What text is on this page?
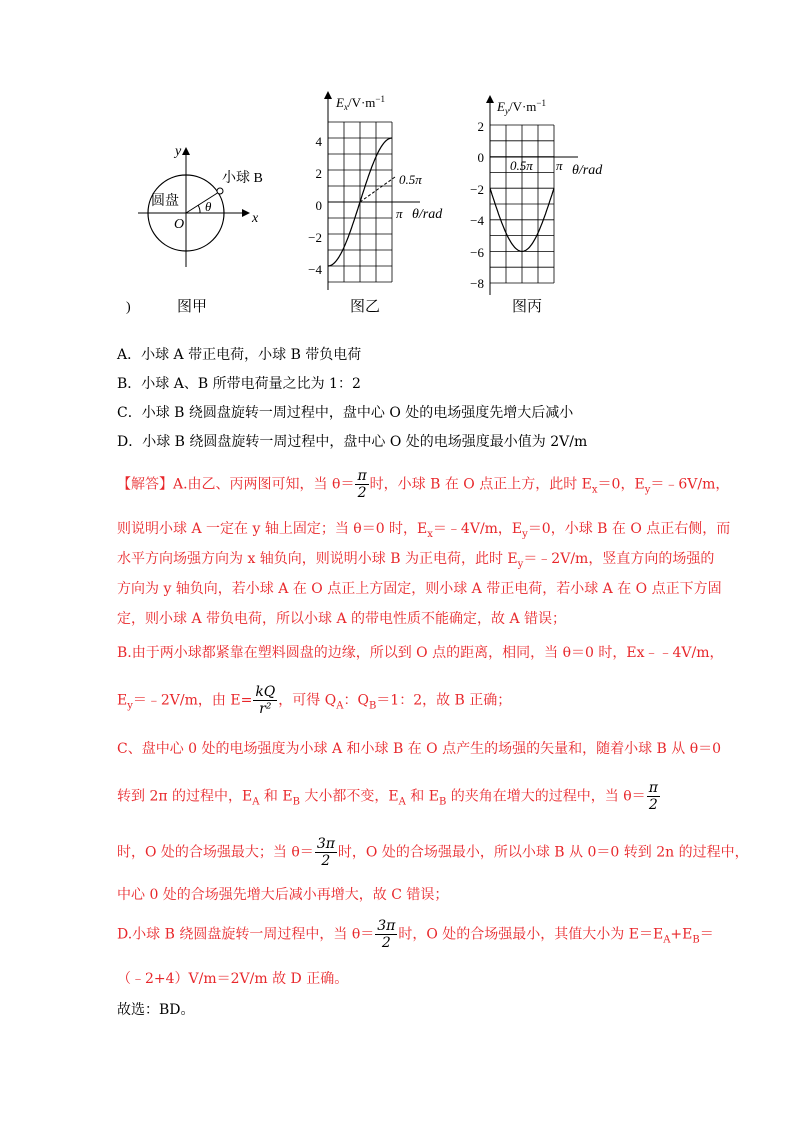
y
x
O
圆盘
小球 B
θ
)	图甲
$E_x/V\cdot m^{-1}$
4
2
0
−2
−4
0.5π
π θ/rad
图乙
$E_y/V\cdot m^{-1}$
2
0
−2
−4
−6
−8
0.5π π θ/rad
图丙
A．小球 A 带正电荷，小球 B 带负电荷
B．小球 A、B 所带电荷量之比为 1：2
C．小球 B 绕圆盘旋转一周过程中，盘中心 O 处的电场强度先增大后减小
D．小球 B 绕圆盘旋转一周过程中，盘中心 O 处的电场强度最小值为 2V/m
【解答】A.由乙、丙两图可知，当 $\theta= \frac{\pi}{2}$ 时，小球 B 在 O 点正上方，此时 $E_x=0$，$E_y=﹣6V/m$，
则说明小球 A 一定在 y 轴上固定；当 θ＝0 时，$E_x=﹣4V/m$，$E_y=0$，小球 B 在 O 点正右侧，而
水平方向场强方向为 x 轴负向，则说明小球 B 为正电荷，此时 $E_y=﹣2V/m$，竖直方向的场强的
方向为 y 轴负向，若小球 A 在 O 点正上方固定，则小球 A 带正电荷，若小球 A 在 O 点正下方固
定，则小球 A 带负电荷，所以小球 A 的带电性质不能确定，故 A 错误；
B.由于两小球都紧靠在塑料圆盘的边缘，所以到 O 点的距离，相同，当 θ＝0 时，Ex﹣﹣4V/m，
$E_y=﹣2V/m$，由 $E= \frac{kQ}{\text{r²}}$ ，可得 $Q_A$：$Q_B=1$：2，故 B 正确；
C、盘中心 0 处的电场强度为小球 A 和小球 B 在 O 点产生的场强的矢量和，随着小球 B 从 θ＝0
转到 2π 的过程中，$E_A$ 和 $E_B$ 大小都不变，$E_A$ 和 $E_B$ 的夹角在增大的过程中，当 $\theta= \frac{\pi}{2}$
时，O 处的合场强最大；当 $\theta= \frac{3\pi}{2}$ 时，O 处的合场强最小，所以小球 B 从 0＝0 转到 2n 的过程中，
中心 0 处的合场强先增大后减小再增大，故 C 错误；
D.小球 B 绕圆盘旋转一周过程中，当 $\theta= \frac{3\pi}{2}$ 时，O 处的合场强最小，其值大小为 $E=E_A+E_B=$
（﹣2+4）V/m＝2V/m 故 D 正确。
故选：BD。
